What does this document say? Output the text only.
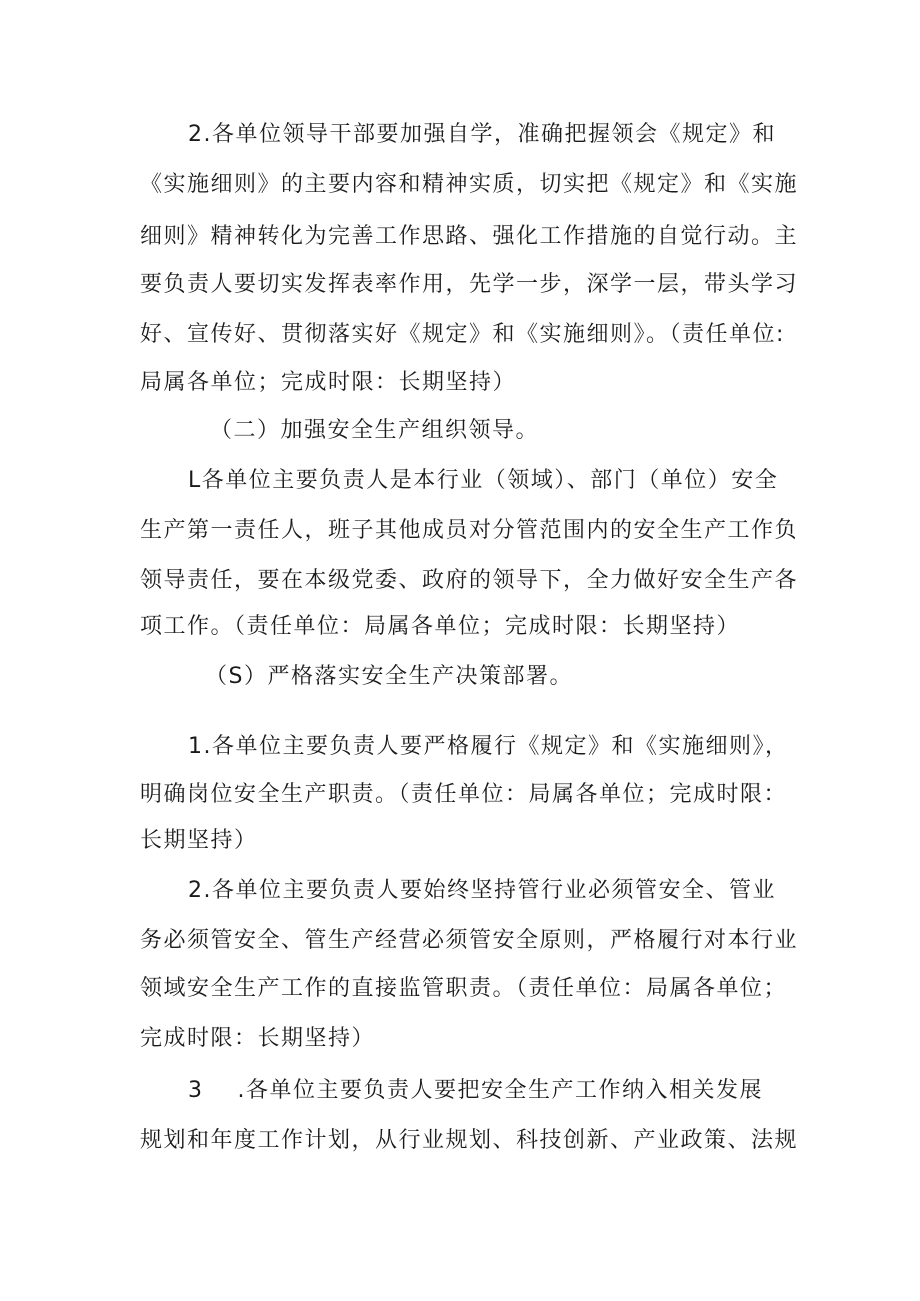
2.各单位领导干部要加强自学，准确把握领会《规定》和
《实施细则》的主要内容和精神实质，切实把《规定》和《实施
细则》精神转化为完善工作思路、强化工作措施的自觉行动。主
要负责人要切实发挥表率作用，先学一步，深学一层，带头学习
好、宣传好、贯彻落实好《规定》和《实施细则》。（责任单位:
局属各单位；完成时限：长期坚持）
（二）加强安全生产组织领导。
L各单位主要负责人是本行业（领域）、部门（单位）安全
生产第一责任人，班子其他成员对分管范围内的安全生产工作负
领导责任，要在本级党委、政府的领导下，全力做好安全生产各
项工作。（责任单位：局属各单位；完成时限：长期坚持）
（S）严格落实安全生产决策部署。
1.各单位主要负责人要严格履行《规定》和《实施细则》，
明确岗位安全生产职责。（责任单位：局属各单位；完成时限：
长期坚持）
2.各单位主要负责人要始终坚持管行业必须管安全、管业
务必须管安全、管生产经营必须管安全原则，严格履行对本行业
领域安全生产工作的直接监管职责。（责任单位：局属各单位；
完成时限：长期坚持）
3    .各单位主要负责人要把安全生产工作纳入相关发展
规划和年度工作计划，从行业规划、科技创新、产业政策、法规
